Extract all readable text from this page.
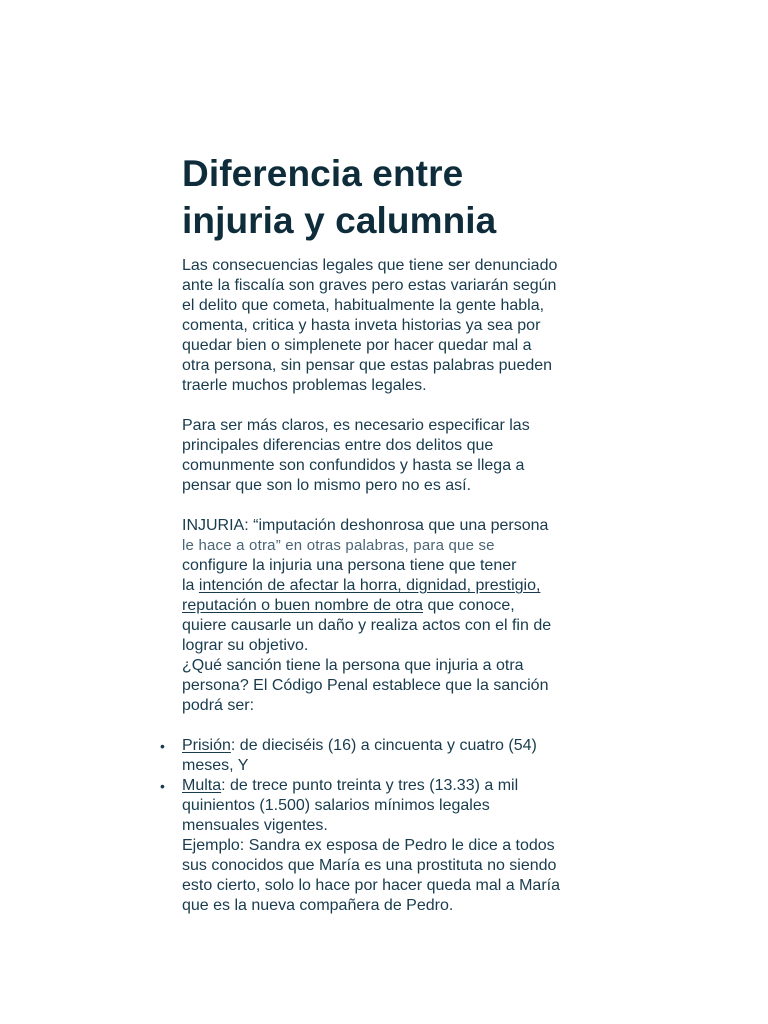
Diferencia entre
injuria y calumnia

Las consecuencias legales que tiene ser denunciado
ante la fiscalía son graves pero estas variarán según
el delito que cometa, habitualmente la gente habla,
comenta, critica y hasta inveta historias ya sea por
quedar bien o simplenete por hacer quedar mal a
otra persona, sin pensar que estas palabras pueden
traerle muchos problemas legales.

Para ser más claros, es necesario especificar las
principales diferencias entre dos delitos que
comunmente son confundidos y hasta se llega a
pensar que son lo mismo pero no es así.

INJURIA: “imputación deshonrosa que una persona
le hace a otra” en otras palabras, para que se
configure la injuria una persona tiene que tener
la intención de afectar la horra, dignidad, prestigio,
reputación o buen nombre de otra que conoce,
quiere causarle un daño y realiza actos con el fin de
lograr su objetivo.
¿Qué sanción tiene la persona que injuria a otra
persona? El Código Penal establece que la sanción
podrá ser:

• Prisión: de dieciséis (16) a cincuenta y cuatro (54)
meses, Y
• Multa: de trece punto treinta y tres (13.33) a mil
quinientos (1.500) salarios mínimos legales
mensuales vigentes.
Ejemplo: Sandra ex esposa de Pedro le dice a todos
sus conocidos que María es una prostituta no siendo
esto cierto, solo lo hace por hacer queda mal a María
que es la nueva compañera de Pedro.
